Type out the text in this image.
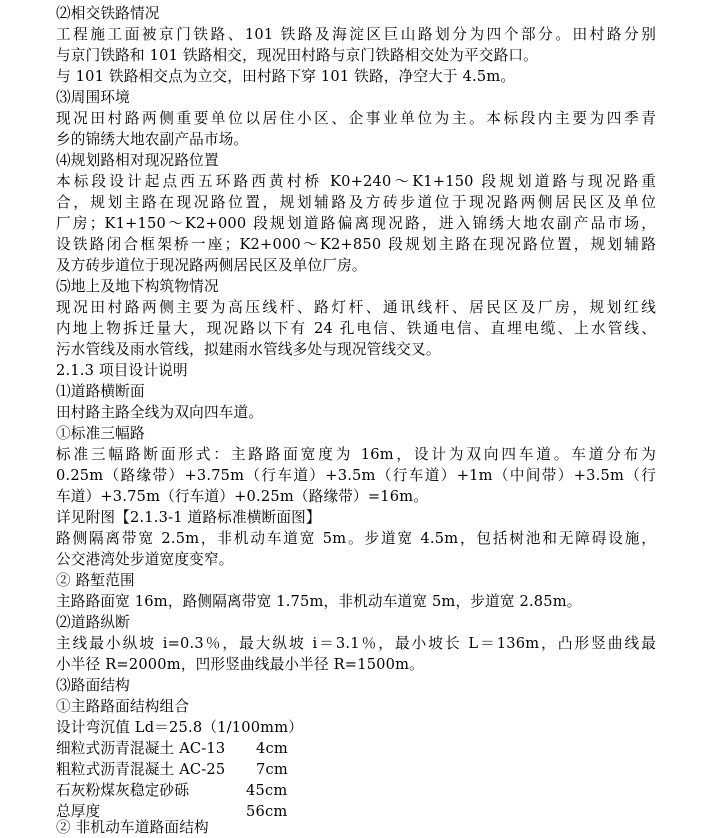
⑵相交铁路情况
工程施工面被京门铁路、101 铁路及海淀区巨山路划分为四个部分。田村路分别
与京门铁路和 101 铁路相交，现况田村路与京门铁路相交处为平交路口。
与 101 铁路相交点为立交，田村路下穿 101 铁路，净空大于 4.5m。
⑶周围环境
现况田村路两侧重要单位以居住小区、企事业单位为主。本标段内主要为四季青
乡的锦绣大地农副产品市场。
⑷规划路相对现况路位置
本标段设计起点西五环路西黄村桥 K0+240～K1+150 段规划道路与现况路重
合，规划主路在现况路位置，规划辅路及方砖步道位于现况路两侧居民区及单位
厂房；K1+150～K2+000 段规划道路偏离现况路，进入锦绣大地农副产品市场，
设铁路闭合框架桥一座；K2+000～K2+850 段规划主路在现况路位置，规划辅路
及方砖步道位于现况路两侧居民区及单位厂房。
⑸地上及地下构筑物情况
现况田村路两侧主要为高压线杆、路灯杆、通讯线杆、居民区及厂房，规划红线
内地上物拆迁量大，现况路以下有 24 孔电信、铁通电信、直埋电缆、上水管线、
污水管线及雨水管线，拟建雨水管线多处与现况管线交叉。
2.1.3 项目设计说明
⑴道路横断面
田村路主路全线为双向四车道。
①标准三幅路
标准三幅路断面形式：主路路面宽度为 16m，设计为双向四车道。车道分布为
0.25m（路缘带）+3.75m（行车道）+3.5m（行车道）+1m（中间带）+3.5m（行
车道）+3.75m（行车道）+0.25m（路缘带）=16m。
详见附图【2.1.3-1 道路标准横断面图】
路侧隔离带宽 2.5m，非机动车道宽 5m。步道宽 4.5m，包括树池和无障碍设施，
公交港湾处步道宽度变窄。
② 路堑范围
主路路面宽 16m，路侧隔离带宽 1.75m，非机动车道宽 5m，步道宽 2.85m。
⑵道路纵断
主线最小纵坡 i=0.3％，最大纵坡 i＝3.1％，最小坡长 L＝136m，凸形竖曲线最
小半径 R=2000m，凹形竖曲线最小半径 R=1500m。
⑶路面结构
①主路路面结构组合
设计弯沉值 Ld＝25.8（1/100mm）
细粒式沥青混凝土 AC-13 4cm
粗粒式沥青混凝土 AC-25 7cm
石灰粉煤灰稳定砂砾	45cm
总厚度	56cm
② 非机动车道路面结构
